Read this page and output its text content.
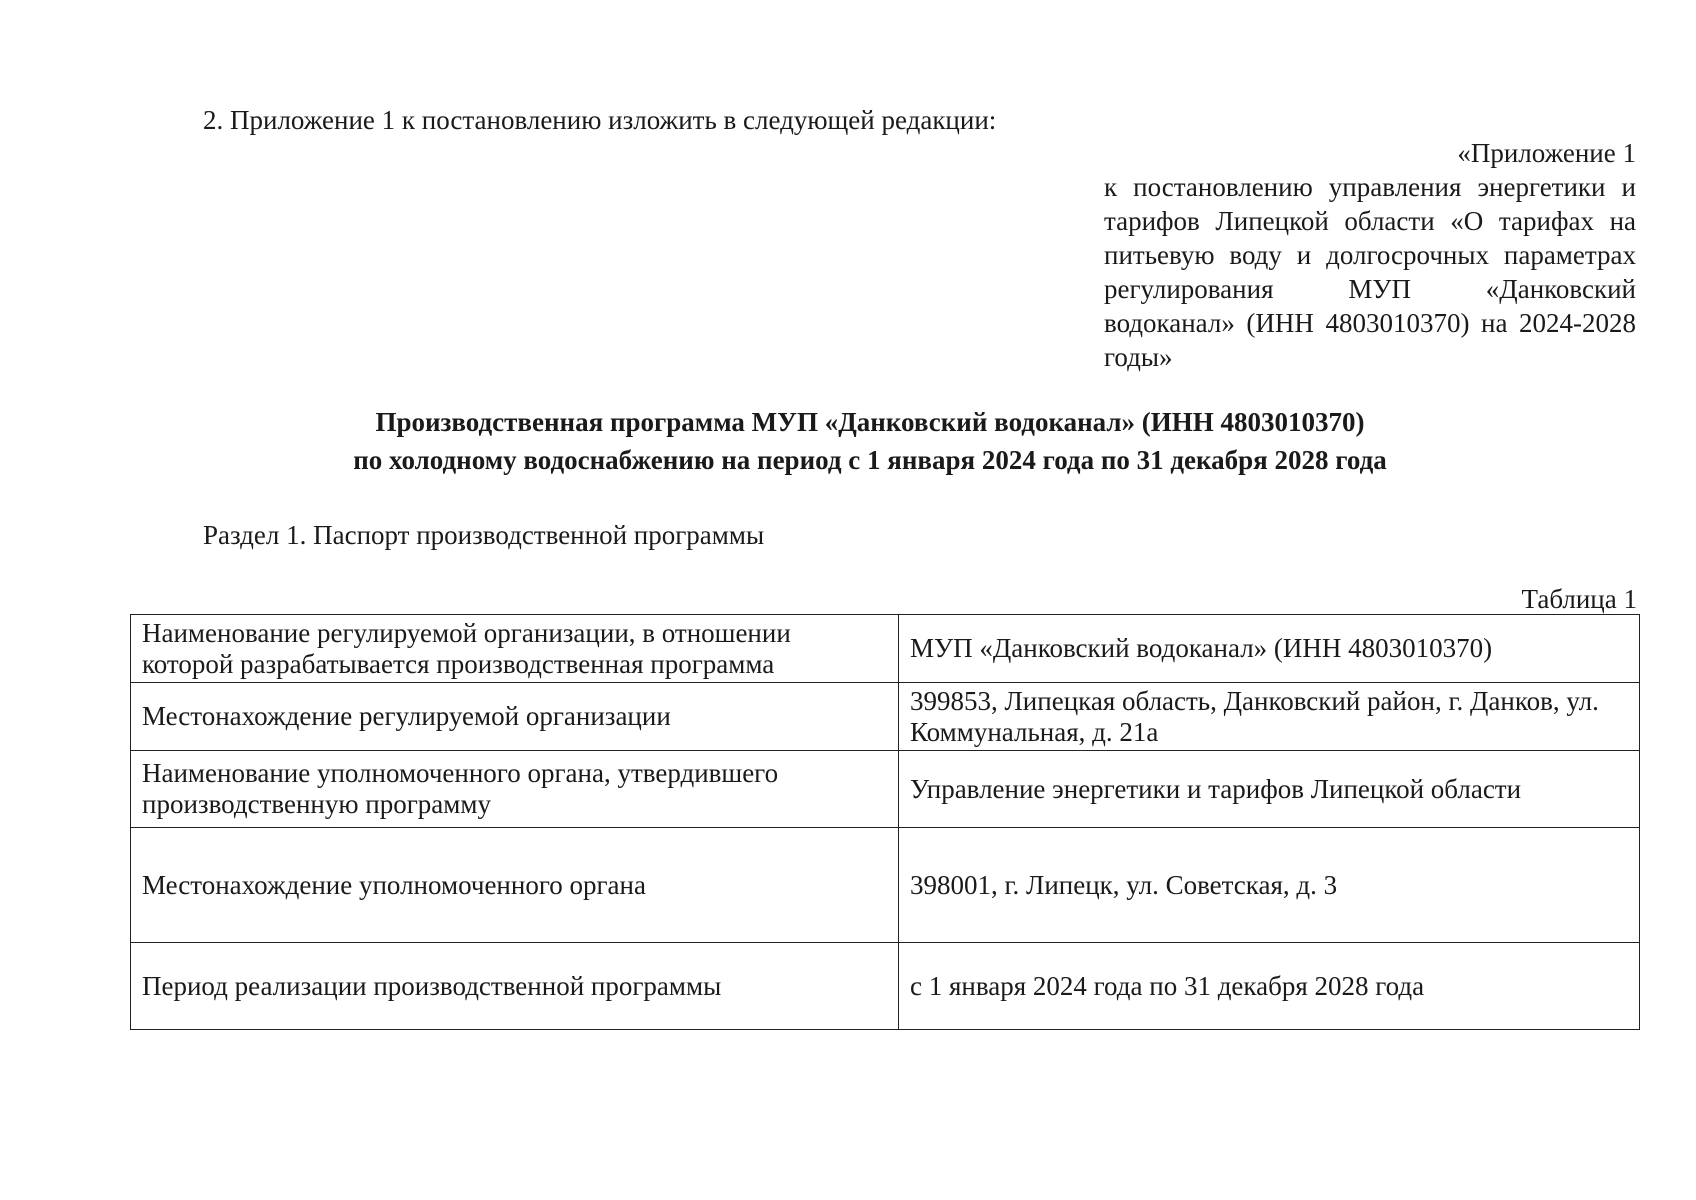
2. Приложение 1 к постановлению изложить в следующей редакции:
«Приложение 1
к постановлению управления энергетики и тарифов Липецкой области «О тарифах на питьевую воду и долгосрочных параметрах регулирования МУП «Данковский водоканал» (ИНН 4803010370) на 2024-2028 годы»
Производственная программа МУП «Данковский водоканал» (ИНН 4803010370)
по холодному водоснабжению на период с 1 января 2024 года по 31 декабря 2028 года
Раздел 1. Паспорт производственной программы
Таблица 1
Наименование регулируемой организации, в отношении которой разрабатывается производственная программа	МУП «Данковский водоканал» (ИНН 4803010370)
Местонахождение регулируемой организации	399853, Липецкая область, Данковский район, г. Данков, ул. Коммунальная, д. 21а
Наименование уполномоченного органа, утвердившего производственную программу	Управление энергетики и тарифов Липецкой области
Местонахождение уполномоченного органа	398001, г. Липецк, ул. Советская, д. 3
Период реализации производственной программы	с 1 января 2024 года по 31 декабря 2028 года
